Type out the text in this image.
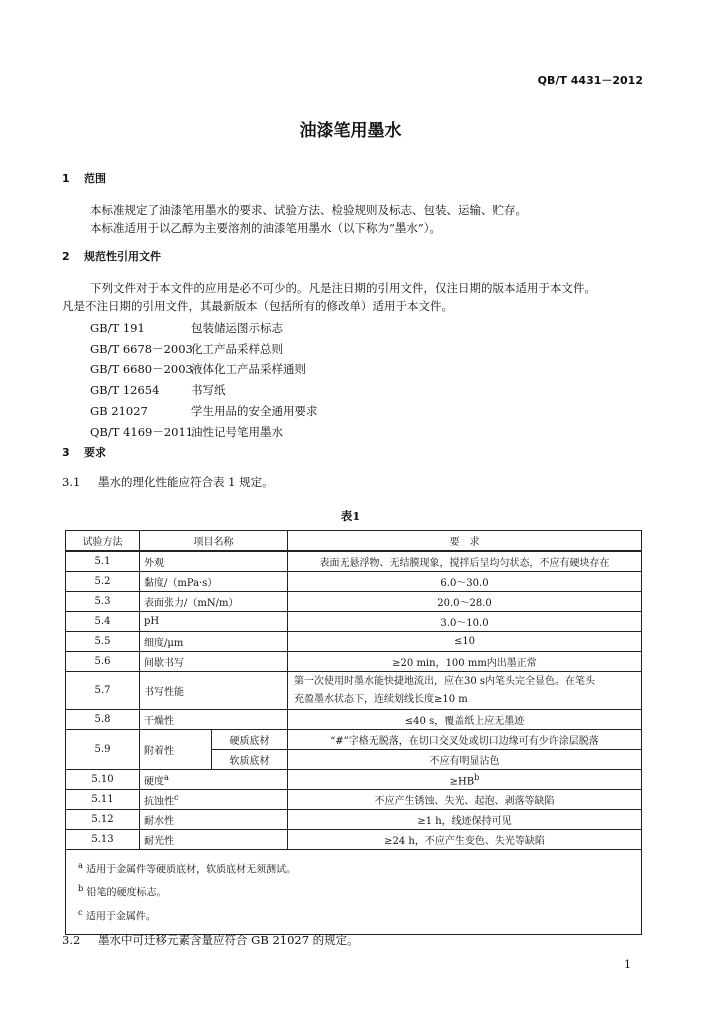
QB/T 4431－2012
油漆笔用墨水
1 范围
本标准规定了油漆笔用墨水的要求、试验方法、检验规则及标志、包装、运输、贮存。
本标准适用于以乙醇为主要溶剂的油漆笔用墨水（以下称为“墨水”）。
2 规范性引用文件
下列文件对于本文件的应用是必不可少的。凡是注日期的引用文件，仅注日期的版本适用于本文件。
凡是不注日期的引用文件，其最新版本（包括所有的修改单）适用于本文件。
GB/T 191	包装储运图示标志
GB/T 6678－2003化工产品采样总则
GB/T 6680－2003液体化工产品采样通则
GB/T 12654	书写纸
GB 21027	学生用品的安全通用要求
QB/T 4169－2011油性记号笔用墨水
3 要求
3.1 墨水的理化性能应符合表 1 规定。
表1
试验方法	项目名称		要　求
5.1	外观		表面无悬浮物、无结膜现象，搅拌后呈均匀状态，不应有硬块存在
5.2	黏度/（mPa·s）		6.0～30.0
5.3	表面张力/（mN/m）		20.0～28.0
5.4	pH		3.0～10.0
5.5	细度/μm		≤10
5.6	间歇书写		≥20 min，100 mm内出墨正常
5.7	书写性能		第一次使用时墨水能快捷地流出，应在30 s内笔头完全显色。在笔头
充盈墨水状态下，连续划线长度≥10 m

5.8	干燥性		≤40 s，覆盖纸上应无墨迹
5.9	附着性	硬质底材	“#”字格无脱落，在切口交叉处或切口边缘可有少许涂层脱落
		软质底材	不应有明显沾色
5.10	硬度$^a$		$\ge HB^b$
5.11	抗蚀性$^c$		不应产生锈蚀、失光、起泡、剥落等缺陷
5.12	耐水性		≥1 h，线迹保持可见
5.13	耐光性		≥24 h，不应产生变色、失光等缺陷

$^a$ 适用于金属件等硬质底材，软质底材无须测试。
$^b$ 铅笔的硬度标志。
$^c$ 适用于金属件。			
3.2 墨水中可迁移元素含量应符合 GB 21027 的规定。
1
